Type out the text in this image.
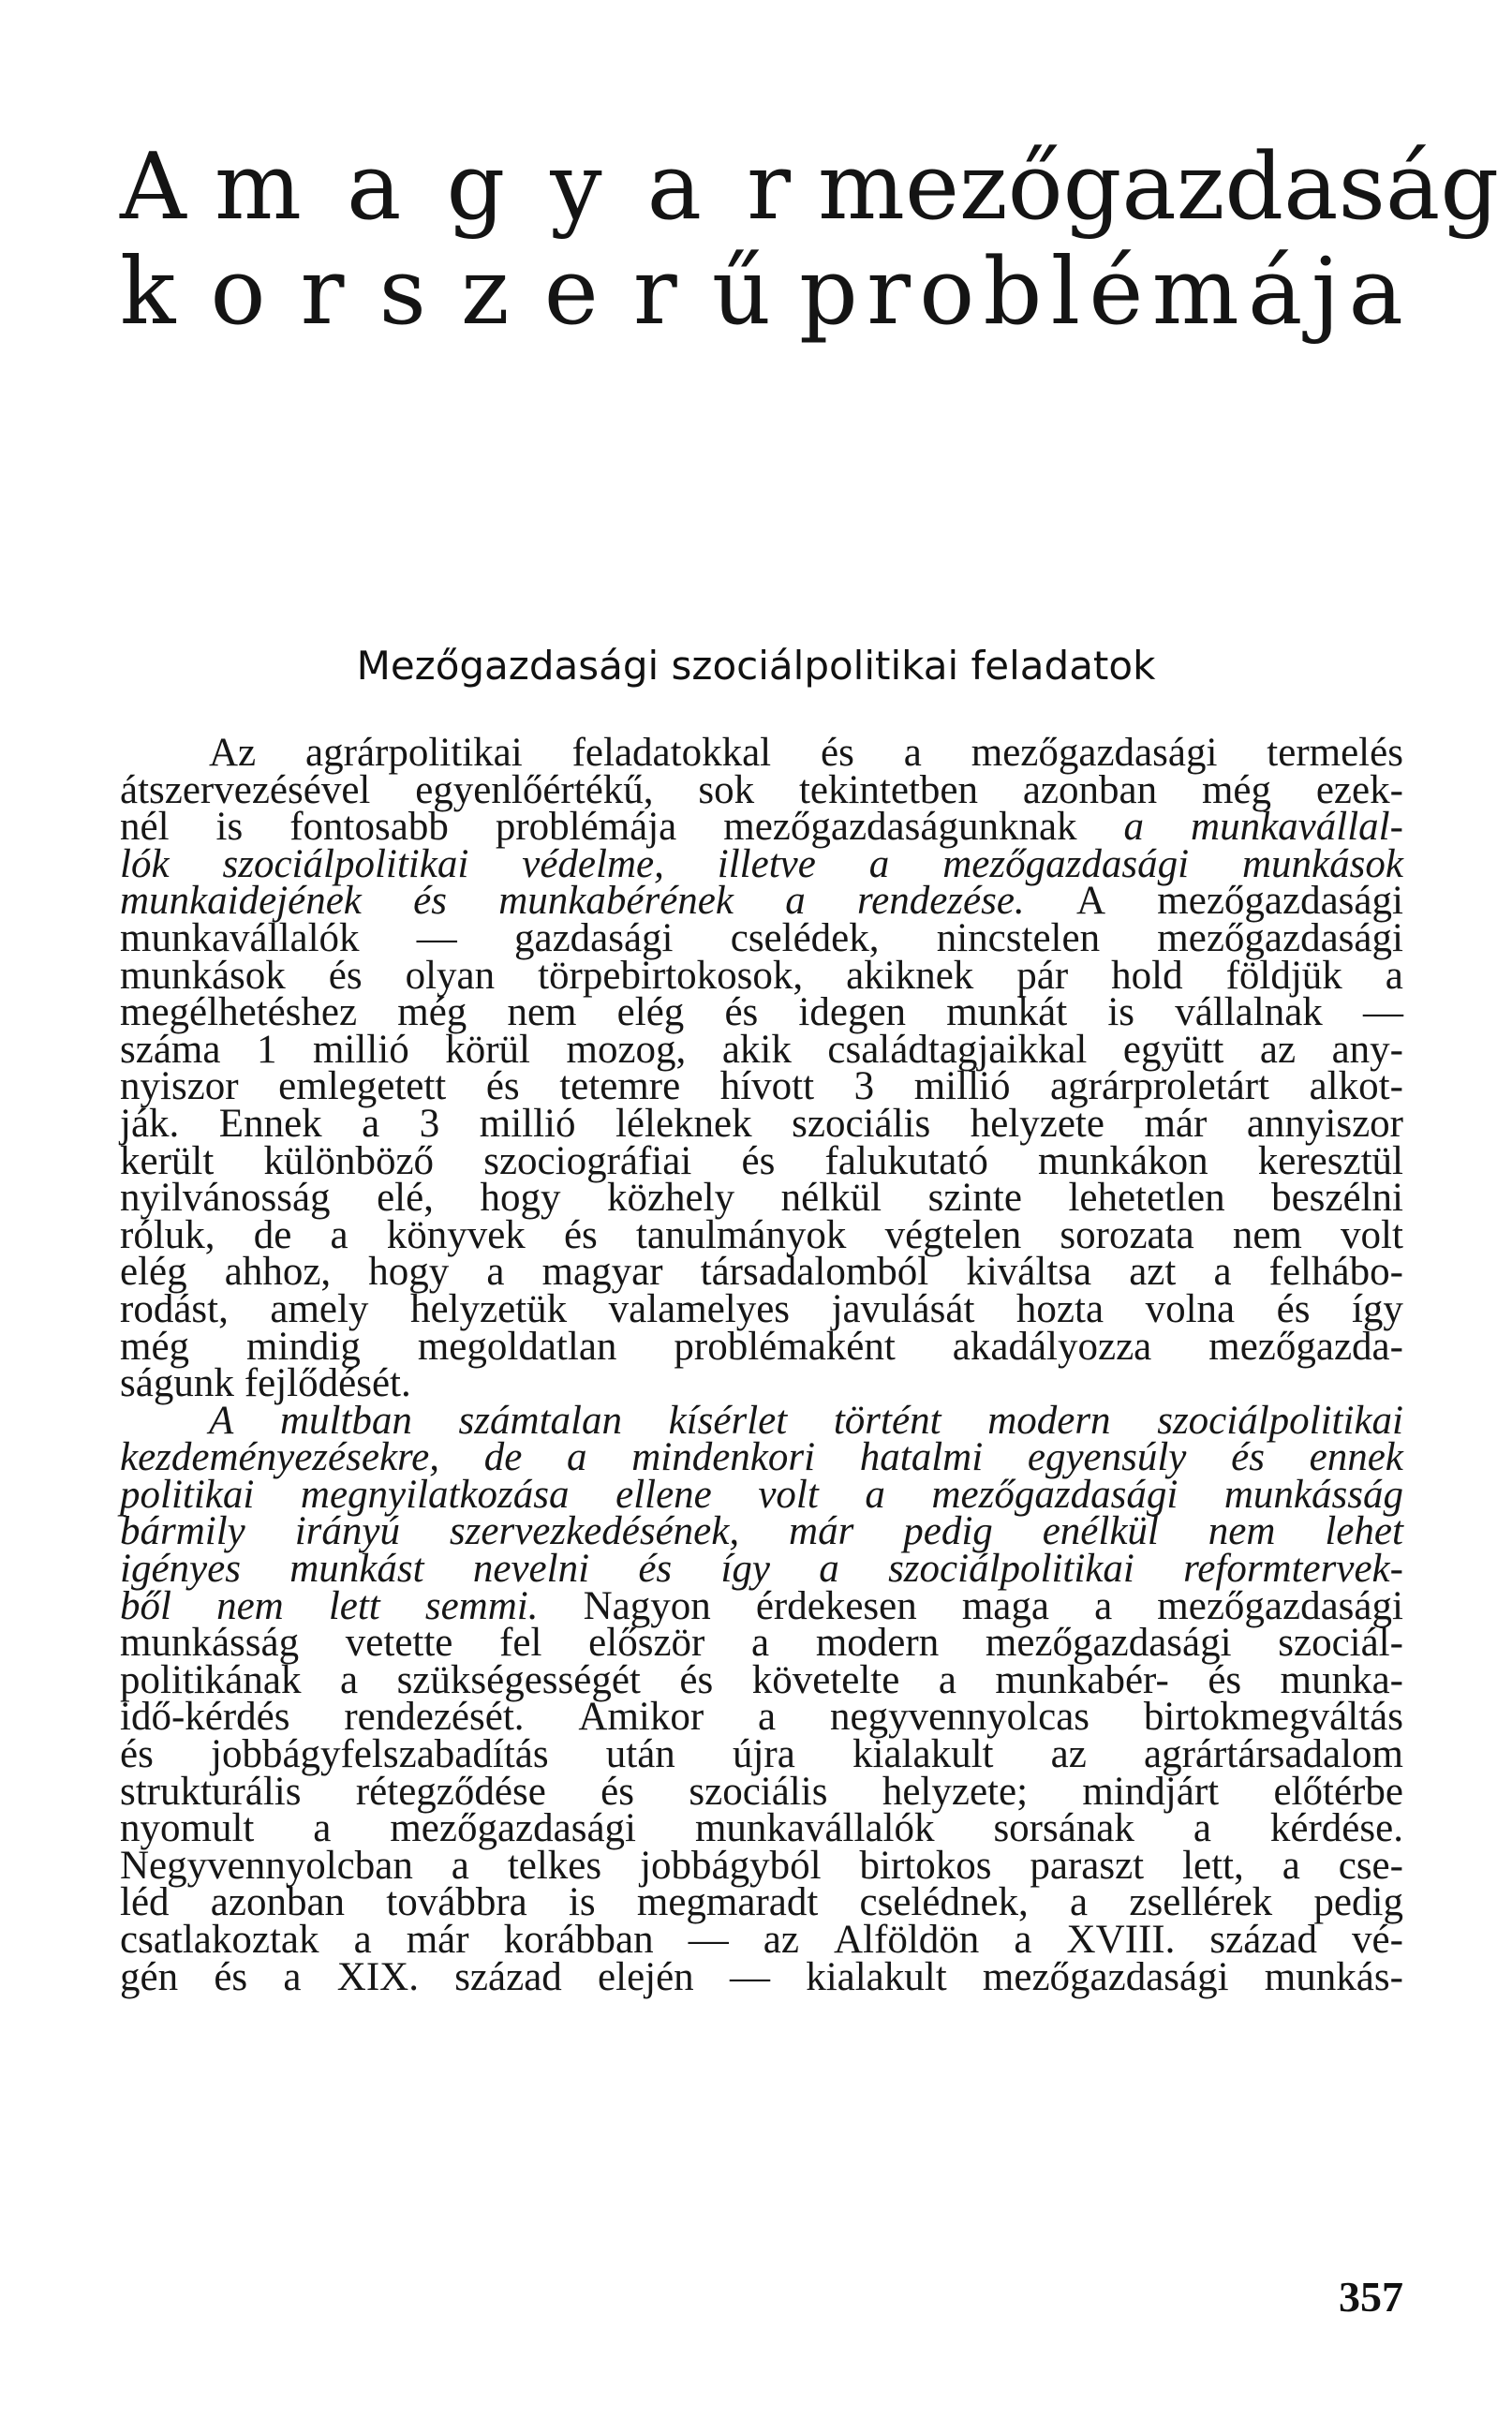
A m a g y a r m e z ő g a z d a s á g
k o r s z e r ű p r o b l é m á j a
Mezőgazdasági szociálpolitikai feladatok
Az agrárpolitikai feladatokkal és a mezőgazdasági termelés
átszervezésével egyenlőértékű, sok tekintetben azonban még ezek-
nél is fontosabb problémája mezőgazdaságunknak a munkavállal-
lók szociálpolitikai védelme, illetve a mezőgazdasági munkások
munkaidejének és munkabérének a rendezése. A mezőgazdasági
munkavállalók — gazdasági cselédek, nincstelen mezőgazdasági
munkások és olyan törpebirtokosok, akiknek pár hold földjük a
megélhetéshez még nem elég és idegen munkát is vállalnak —
száma 1 millió körül mozog, akik családtagjaikkal együtt az any-
nyiszor emlegetett és tetemre hívott 3 millió agrárproletárt alkot-
ják. Ennek a 3 millió léleknek szociális helyzete már annyiszor
került különböző szociográfiai és falukutató munkákon keresztül
nyilvánosság elé, hogy közhely nélkül szinte lehetetlen beszélni
róluk, de a könyvek és tanulmányok végtelen sorozata nem volt
elég ahhoz, hogy a magyar társadalomból kiváltsa azt a felhábo-
rodást, amely helyzetük valamelyes javulását hozta volna és így
még mindig megoldatlan problémaként akadályozza mezőgazda-
ságunk fejlődését.
A multban számtalan kísérlet történt modern szociálpolitikai
kezdeményezésekre, de a mindenkori hatalmi egyensúly és ennek
politikai megnyilatkozása ellene volt a mezőgazdasági munkásság
bármily irányú szervezkedésének, már pedig enélkül nem lehet
igényes munkást nevelni és így a szociálpolitikai reformtervek-
ből nem lett semmi. Nagyon érdekesen maga a mezőgazdasági
munkásság vetette fel először a modern mezőgazdasági szociál-
politikának a szükségességét és követelte a munkabér- és munka-
idő-kérdés rendezését. Amikor a negyvennyolcas birtokmegváltás
és jobbágyfelszabadítás után újra kialakult az agrártársadalom
strukturális rétegződése és szociális helyzete; mindjárt előtérbe
nyomult a mezőgazdasági munkavállalók sorsának a kérdése.
Negyvennyolcban a telkes jobbágyból birtokos paraszt lett, a cse-
léd azonban továbbra is megmaradt cselédnek, a zsellérek pedig
csatlakoztak a már korábban — az Alföldön a XVIII. század vé-
gén és a XIX. század elején — kialakult mezőgazdasági munkás-
357
